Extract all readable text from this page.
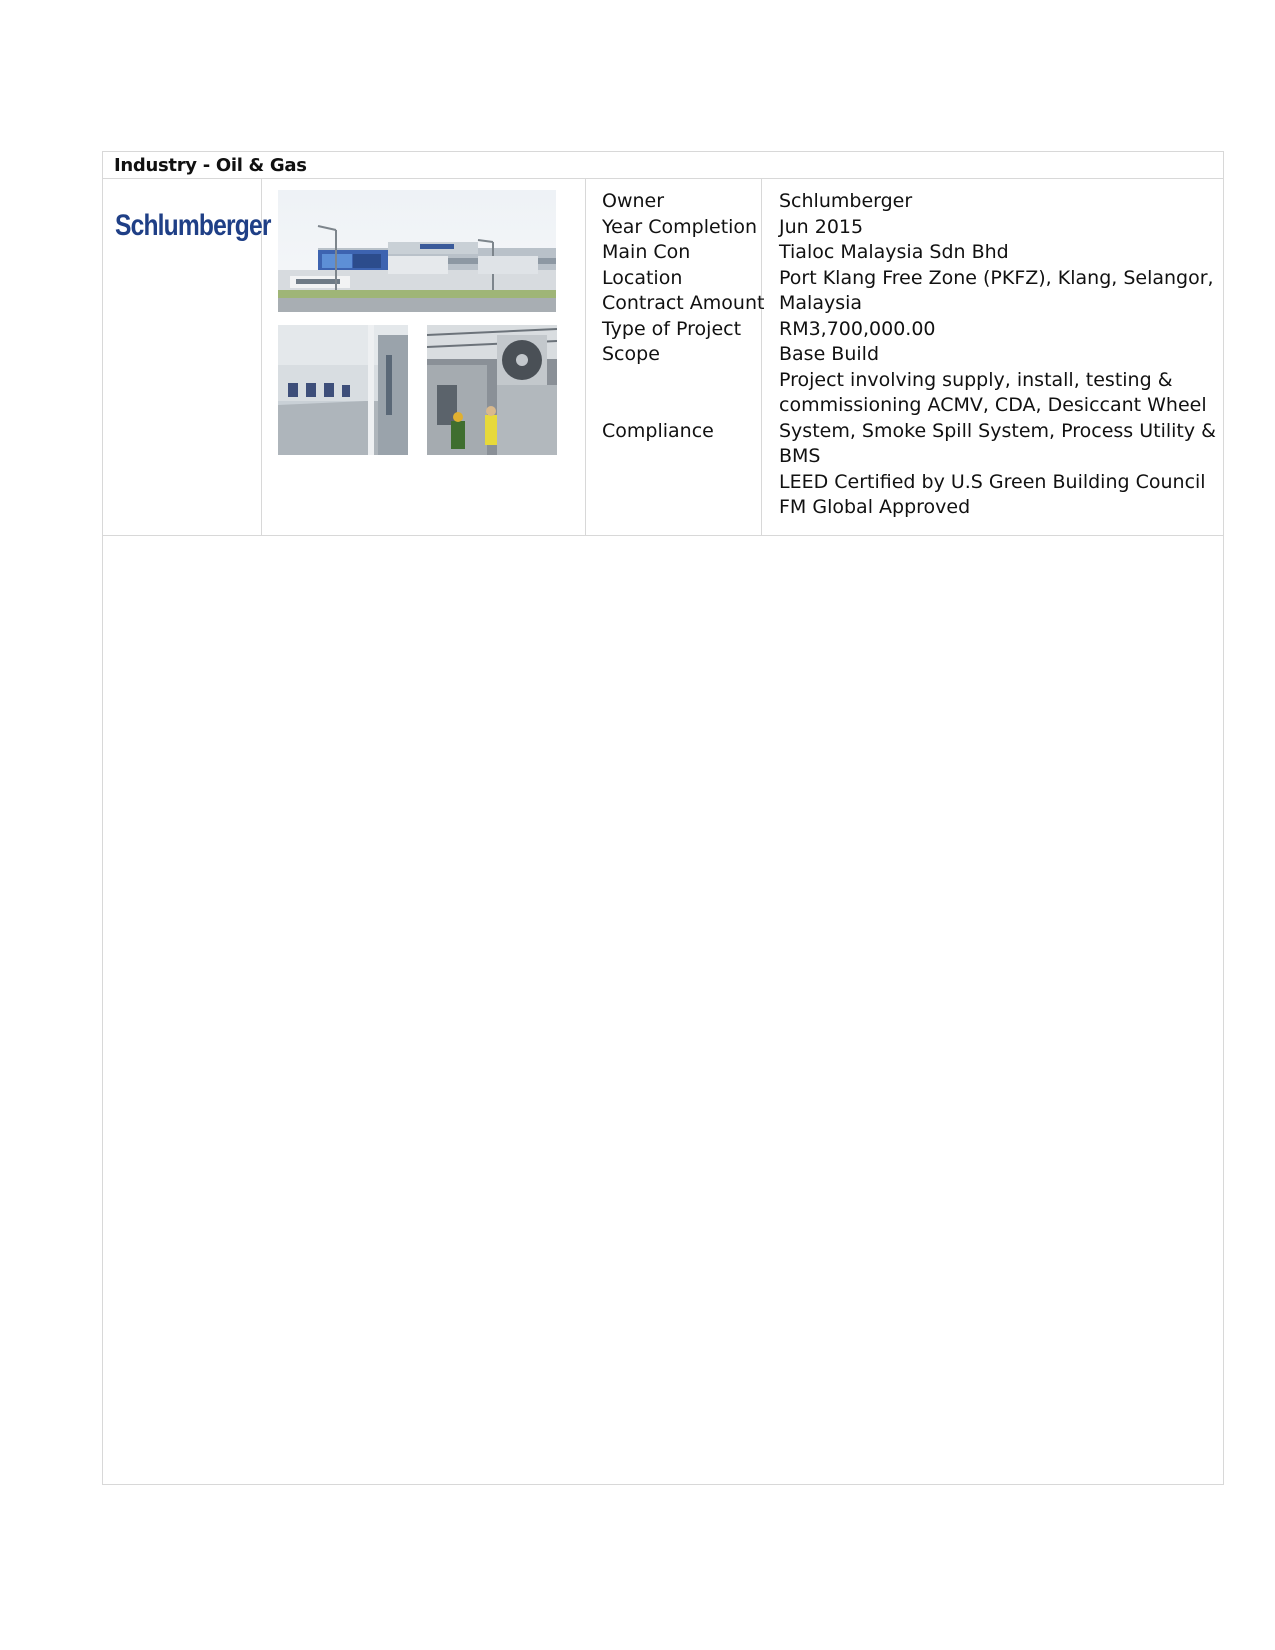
Industry - Oil & Gas
Schlumberger
Owner
Year Completion
Main Con
Location
Contract Amount
Type of Project
Scope

Compliance
Schlumberger
Jun 2015
Tialoc Malaysia Sdn Bhd
Port Klang Free Zone (PKFZ), Klang, Selangor,
Malaysia
RM3,700,000.00
Base Build
Project involving supply, install, testing &
commissioning ACMV, CDA, Desiccant Wheel
System, Smoke Spill System, Process Utility &
BMS
LEED Certified by U.S Green Building Council
FM Global Approved
